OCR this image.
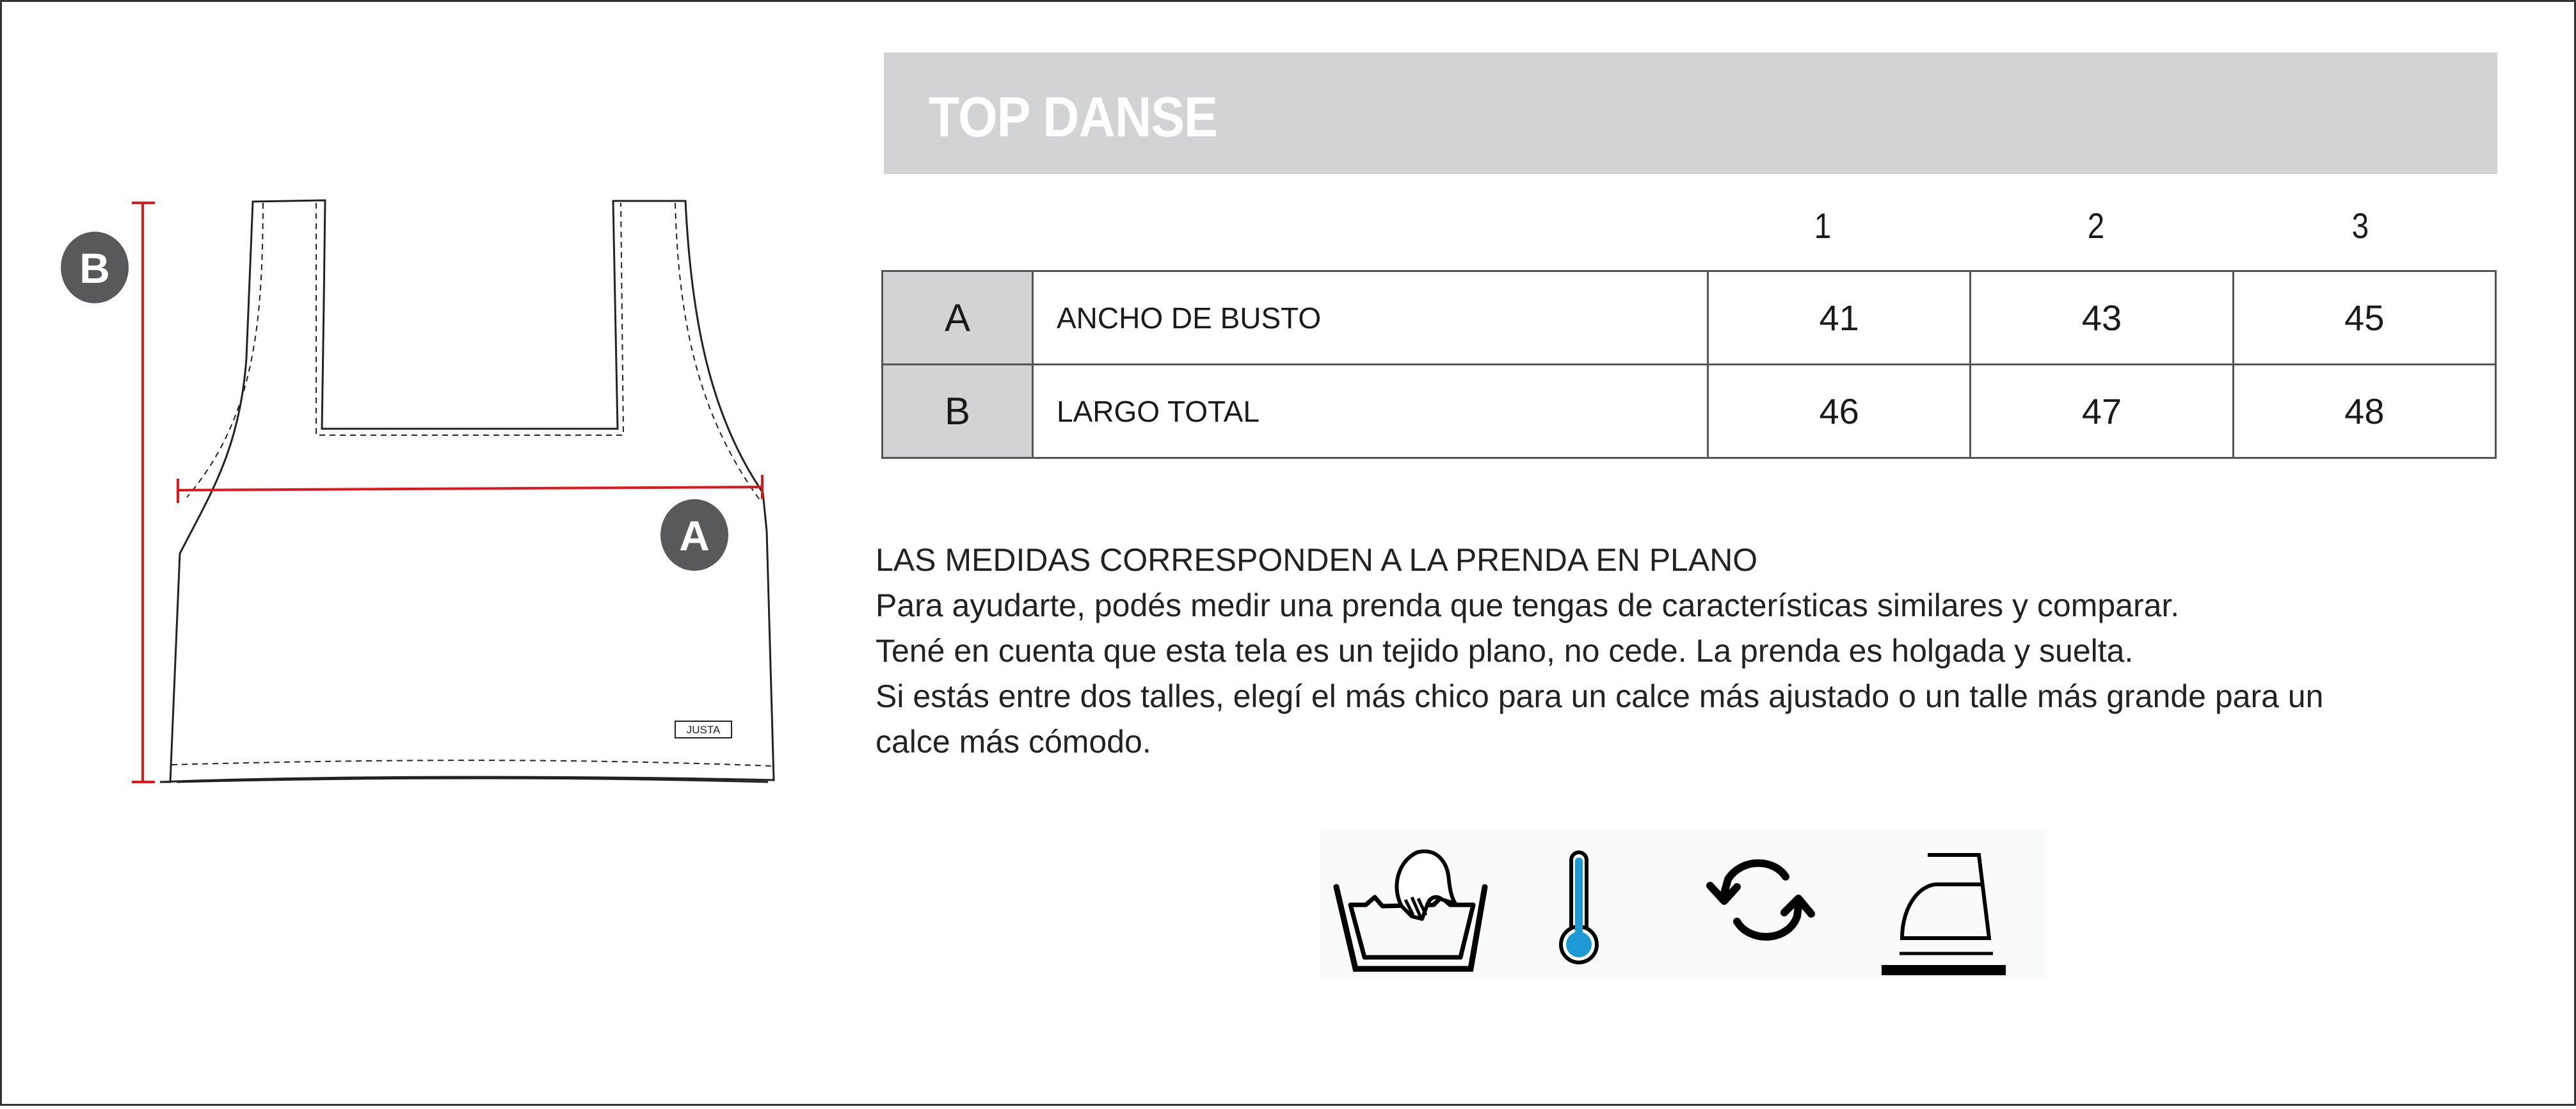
JUSTA
B
A
TOP DANSE
1	2	3
A	ANCHO DE BUSTO	41	43	45
B	LARGO TOTAL	46	47	48
LAS MEDIDAS CORRESPONDEN A LA PRENDA EN PLANO
Para ayudarte, podés medir una prenda que tengas de características similares y comparar.
Tené en cuenta que esta tela es un tejido plano, no cede. La prenda es holgada y suelta.
Si estás entre dos talles, elegí el más chico para un calce más ajustado o un talle más grande para un
calce más cómodo.
